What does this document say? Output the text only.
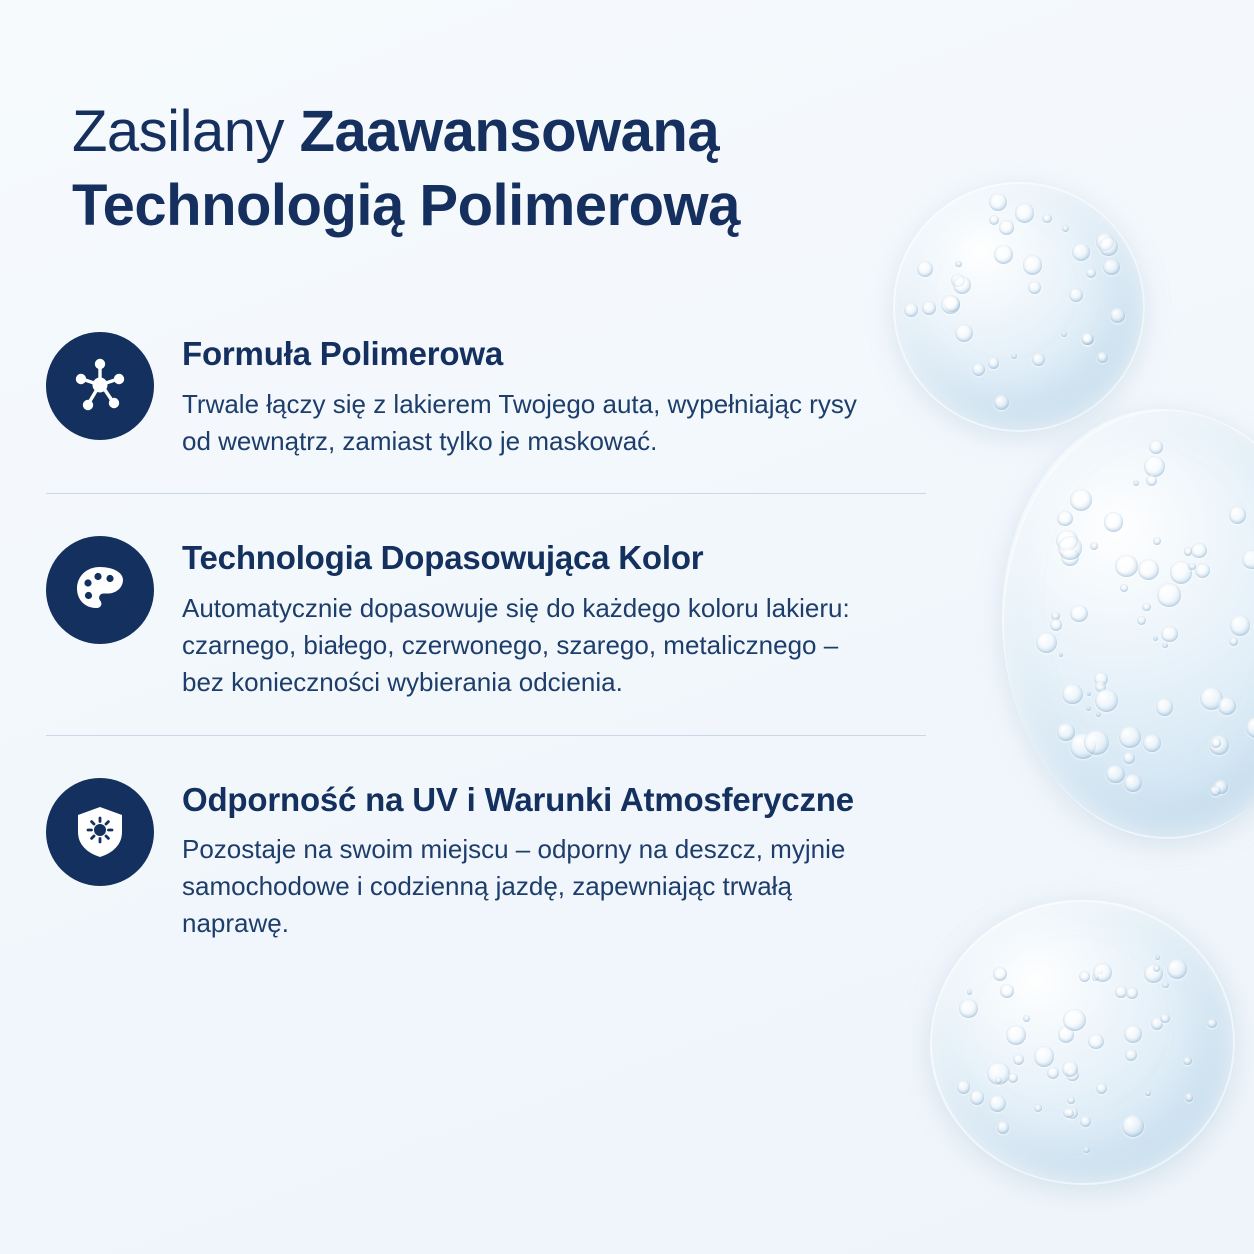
Zasilany Zaawansowaną
Technologią Polimerową
Formuła Polimerowa

Trwale łączy się z lakierem Twojego auta, wypełniając rysy od wewnątrz, zamiast tylko je maskować.

Technologia Dopasowująca Kolor

Automatycznie dopasowuje się do każdego koloru lakieru: czarnego, białego, czerwonego, szarego, metalicznego – bez konieczności wybierania odcienia.

Odporność na UV i Warunki Atmosferyczne

Pozostaje na swoim miejscu – odporny na deszcz, myjnie samochodowe i codzienną jazdę, zapewniając trwałą naprawę.
